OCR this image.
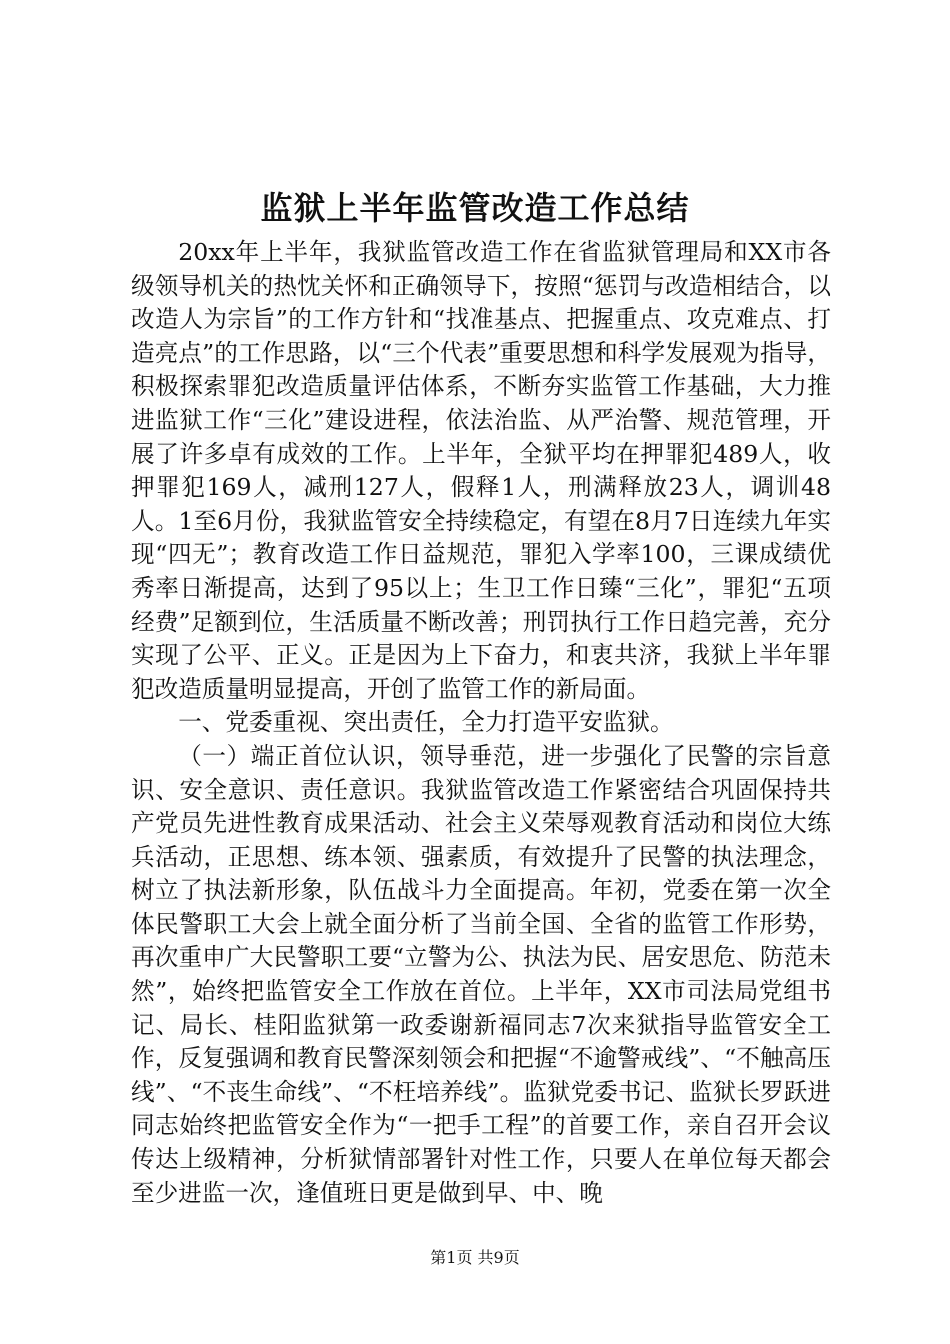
监狱上半年监管改造工作总结

20xx年上半年，我狱监管改造工作在省监狱管理局和XX市各级领导机关的热忱关怀和正确领导下，按照“惩罚与改造相结合，以改造人为宗旨”的工作方针和“找准基点、把握重点、攻克难点、打造亮点”的工作思路，以“三个代表”重要思想和科学发展观为指导，积极探索罪犯改造质量评估体系，不断夯实监管工作基础，大力推进监狱工作“三化”建设进程，依法治监、从严治警、规范管理，开展了许多卓有成效的工作。上半年，全狱平均在押罪犯489人，收押罪犯169人，减刑127人，假释1人，刑满释放23人，调训48人。1至6月份，我狱监管安全持续稳定，有望在8月7日连续九年实现“四无”；教育改造工作日益规范，罪犯入学率100，三课成绩优秀率日渐提高，达到了95以上；生卫工作日臻“三化”，罪犯“五项经费”足额到位，生活质量不断改善；刑罚执行工作日趋完善，充分实现了公平、正义。正是因为上下奋力，和衷共济，我狱上半年罪犯改造质量明显提高，开创了监管工作的新局面。

一、党委重视、突出责任，全力打造平安监狱。

（一）端正首位认识，领导垂范，进一步强化了民警的宗旨意识、安全意识、责任意识。我狱监管改造工作紧密结合巩固保持共产党员先进性教育成果活动、社会主义荣辱观教育活动和岗位大练兵活动，正思想、练本领、强素质，有效提升了民警的执法理念，树立了执法新形象，队伍战斗力全面提高。年初，党委在第一次全体民警职工大会上就全面分析了当前全国、全省的监管工作形势，再次重申广大民警职工要“立警为公、执法为民、居安思危、防范未然”，始终把监管安全工作放在首位。上半年，XX市司法局党组书记、局长、桂阳监狱第一政委谢新福同志7次来狱指导监管安全工作，反复强调和教育民警深刻领会和把握“不逾警戒线”、“不触高压线”、“不丧生命线”、“不枉培养线”。监狱党委书记、监狱长罗跃进同志始终把监管安全作为“一把手工程”的首要工作，亲自召开会议传达上级精神，分析狱情部署针对性工作，只要人在单位每天都会至少进监一次，逢值班日更是做到早、中、晚

第1页 共9页
